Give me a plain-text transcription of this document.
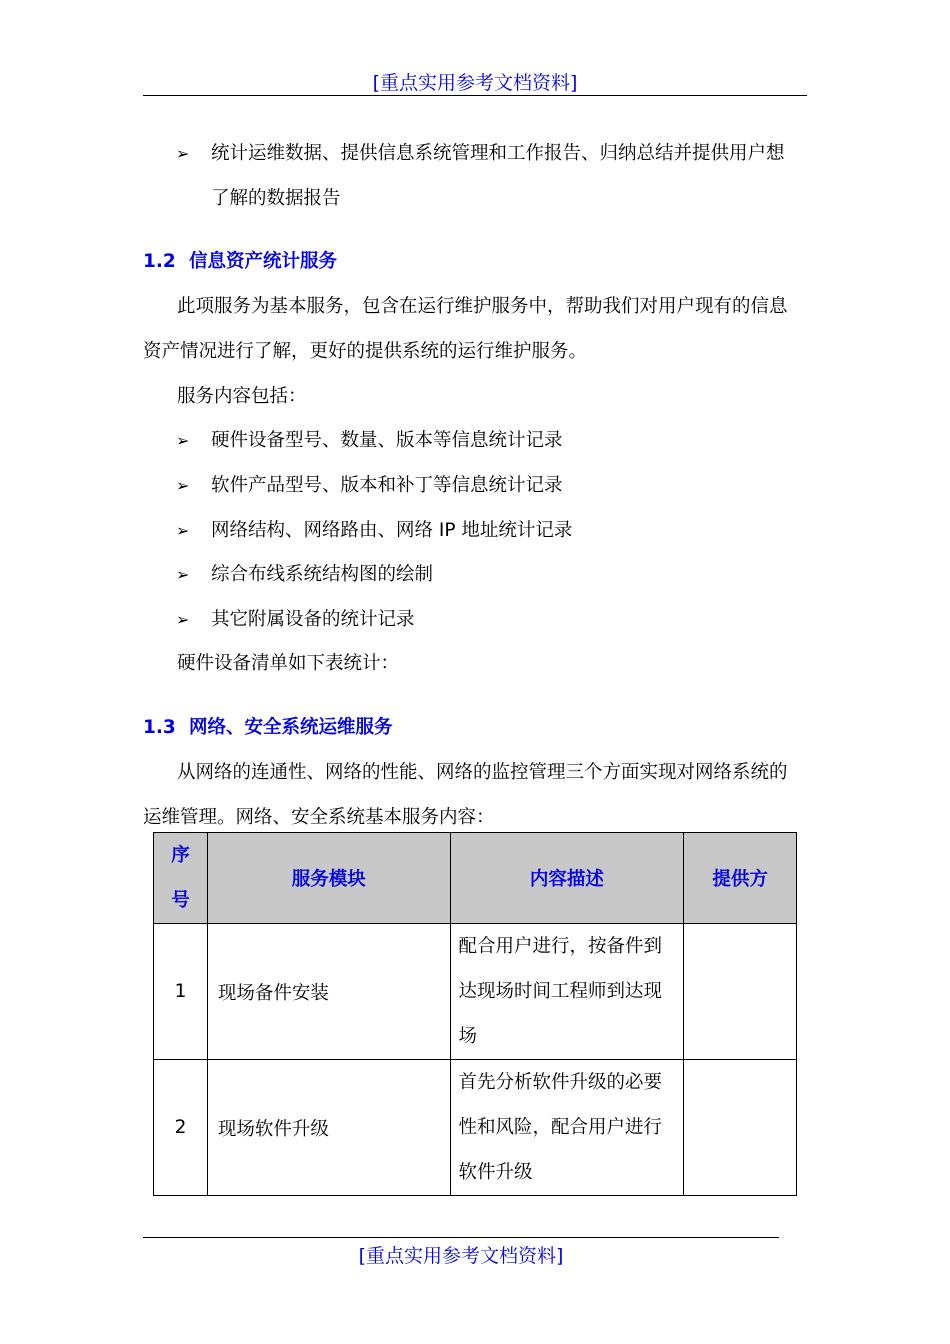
[重点实用参考文档资料]
➢ 统计运维数据、提供信息系统管理和工作报告、归纳总结并提供用户想
了解的数据报告
1.2 信息资产统计服务
此项服务为基本服务，包含在运行维护服务中，帮助我们对用户现有的信息
资产情况进行了解，更好的提供系统的运行维护服务。
服务内容包括：
➢ 硬件设备型号、数量、版本等信息统计记录
➢ 软件产品型号、版本和补丁等信息统计记录
➢ 网络结构、网络路由、网络 IP 地址统计记录
➢ 综合布线系统结构图的绘制
➢ 其它附属设备的统计记录
硬件设备清单如下表统计：
1.3 网络、安全系统运维服务
从网络的连通性、网络的性能、网络的监控管理三个方面实现对网络系统的
运维管理。网络、安全系统基本服务内容：
序
号	服务模块	内容描述	提供方
1	现场备件安装	配合用户进行，按备件到
达现场时间工程师到达现
场	

2	现场软件升级	首先分析软件升级的必要
性和风险，配合用户进行
软件升级	

[重点实用参考文档资料]
